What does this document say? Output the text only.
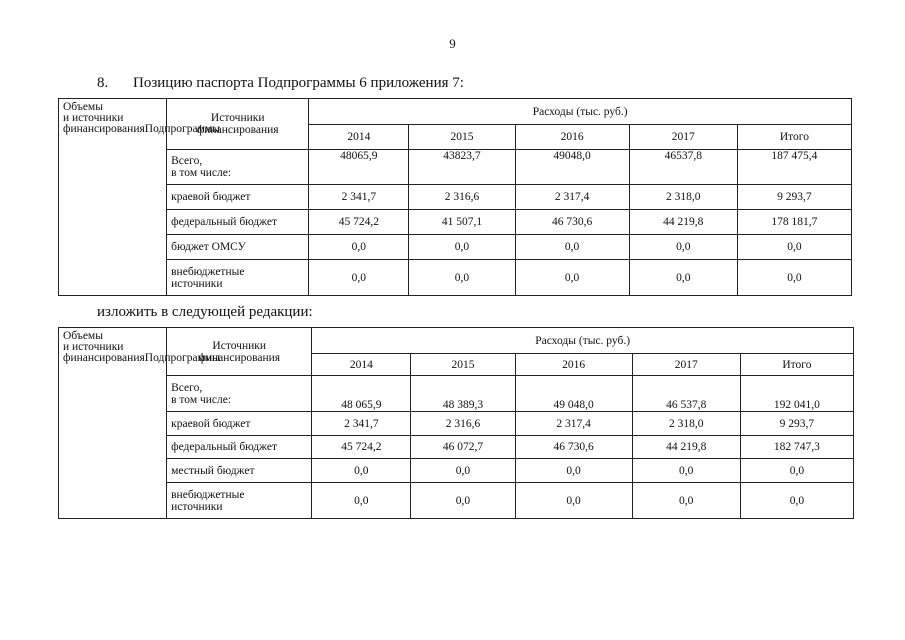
9
8. Позицию паспорта Подпрограммы 6 приложения 7:
Объемы
и источники
финансированияПодпрограммы	Источники
финансирования	Расходы (тыс. руб.)				
		2014	2015	2016	2017	Итого

	Всего,
в том числе:	48065,9	43823,7	49048,0	46537,8	187 475,4

	краевой бюджет	2 341,7	2 316,6	2 317,4	2 318,0	9 293,7

	федеральный бюджет	45 724,2	41 507,1	46 730,6	44 219,8	178 181,7

	бюджет ОМСУ	0,0	0,0	0,0	0,0	0,0

	внебюджетные
источники	0,0	0,0	0,0	0,0	0,0
изложить в следующей редакции:
Объемы
и источники
финансированияПодпрограммы	Источники
финансирования	Расходы (тыс. руб.)				
		2014	2015	2016	2017	Итого

	Всего,
в том числе:	48 065,9	48 389,3	49 048,0	46 537,8	192 041,0

	краевой бюджет	2 341,7	2 316,6	2 317,4	2 318,0	9 293,7

	федеральный бюджет	45 724,2	46 072,7	46 730,6	44 219,8	182 747,3

	местный бюджет	0,0	0,0	0,0	0,0	0,0

	внебюджетные
источники	0,0	0,0	0,0	0,0	0,0
